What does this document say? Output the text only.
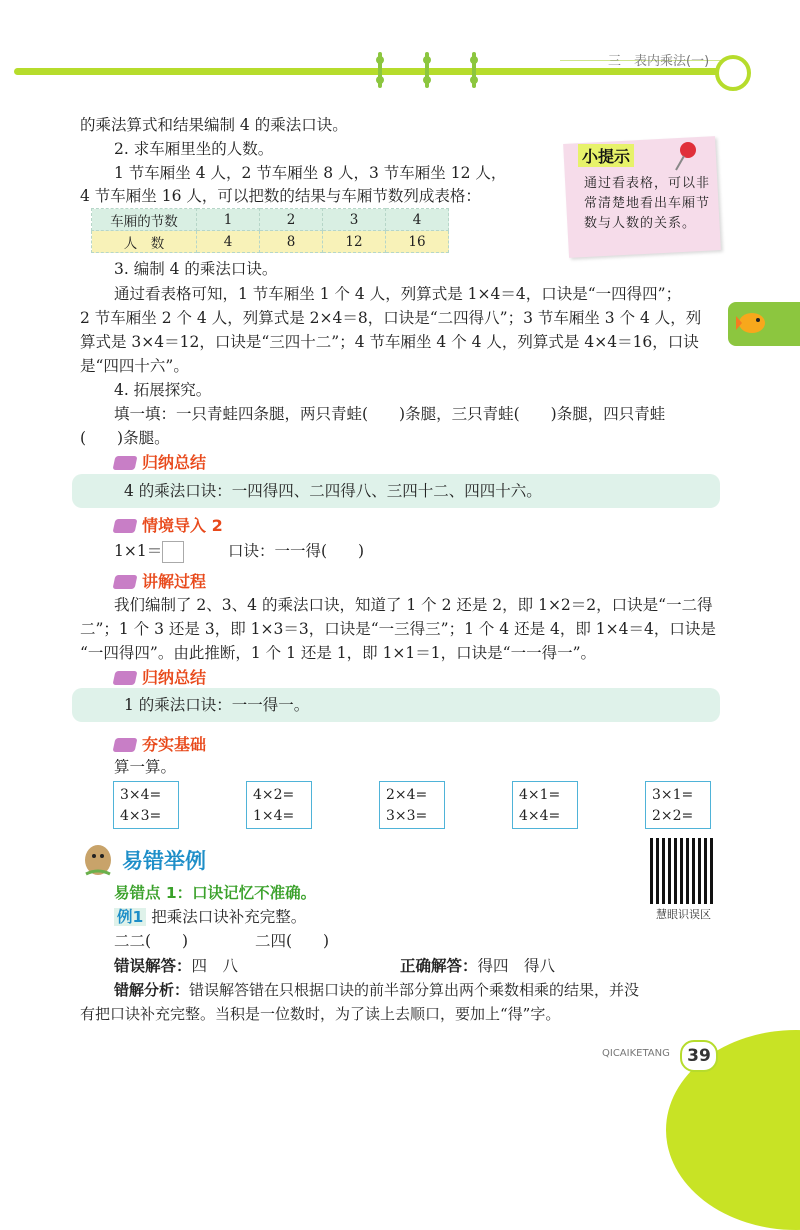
三　表内乘法(一)
的乘法算式和结果编制 4 的乘法口诀。
2. 求车厢里坐的人数。
1 节车厢坐 4 人，2 节车厢坐 8 人，3 节车厢坐 12 人，
4 节车厢坐 16 人，可以把数的结果与车厢节数列成表格：
小提示
通过看表格，可以非常清楚地看出车厢节数与人数的关系。
车厢的节数	1	2	3	4
人　数	4	8	12	16
3. 编制 4 的乘法口诀。
通过看表格可知，1 节车厢坐 1 个 4 人，列算式是 1×4＝4，口诀是“一四得四”；
2 节车厢坐 2 个 4 人，列算式是 2×4＝8，口诀是“二四得八”；3 节车厢坐 3 个 4 人，列
算式是 3×4＝12，口诀是“三四十二”；4 节车厢坐 4 个 4 人，列算式是 4×4＝16，口诀
是“四四十六”。
4. 拓展探究。
填一填：一只青蛙四条腿，两只青蛙(　　)条腿，三只青蛙(　　)条腿，四只青蛙
(　　)条腿。
归纳总结
4 的乘法口诀：一四得四、二四得八、三四十二、四四十六。
情境导入 2
1×1＝	口诀：一一得(　　)
讲解过程
我们编制了 2、3、4 的乘法口诀，知道了 1 个 2 还是 2，即 1×2＝2，口诀是“一二得
二”；1 个 3 还是 3，即 1×3＝3，口诀是“一三得三”；1 个 4 还是 4，即 1×4＝4，口诀是
“一四得四”。由此推断，1 个 1 还是 1，即 1×1＝1，口诀是“一一得一”。
归纳总结
1 的乘法口诀：一一得一。
夯实基础
算一算。
3×4=
4×3=
4×2=
1×4=
2×4=
3×3=
4×1=
4×4=
3×1=
2×2=
易错举例
慧眼识误区
易错点 1：口诀记忆不准确。
例1 把乘法口诀补充完整。
二二(　　)	二四(　　)
错误解答：四　八	正确解答：得四　得八
错解分析：错误解答错在只根据口诀的前半部分算出两个乘数相乘的结果，并没
有把口诀补充完整。当积是一位数时，为了读上去顺口，要加上“得”字。
QICAIKETANG	39
